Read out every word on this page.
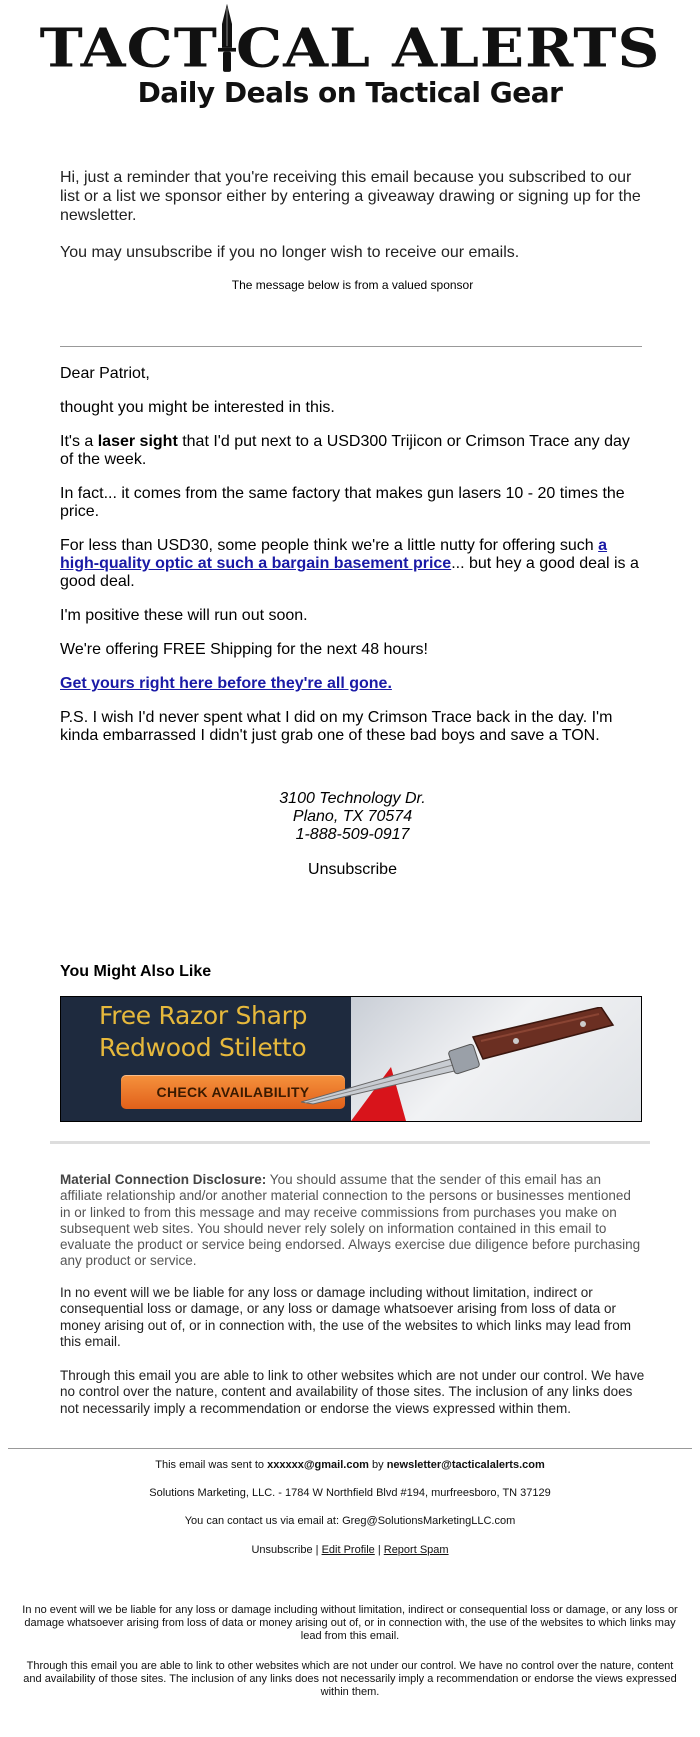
TACT CAL ALERTS
Daily Deals on Tactical Gear

Hi, just a reminder that you're receiving this email because you subscribed to our list or a list we sponsor either by entering a giveaway drawing or signing up for the newsletter.

You may unsubscribe if you no longer wish to receive our emails.

The message below is from a valued sponsor

Dear Patriot,

thought you might be interested in this.

It's a laser sight that I'd put next to a USD300 Trijicon or Crimson Trace any day of the week.

In fact... it comes from the same factory that makes gun lasers 10 - 20 times the price.

For less than USD30, some people think we're a little nutty for offering such a high-quality optic at such a bargain basement price... but hey a good deal is a good deal.

I'm positive these will run out soon.

We're offering FREE Shipping for the next 48 hours!

Get yours right here before they're all gone.

P.S. I wish I'd never spent what I did on my Crimson Trace back in the day. I'm kinda embarrassed I didn't just grab one of these bad boys and save a TON.

3100 Technology Dr.
Plano, TX 70574
1-888-509-0917
Unsubscribe
You Might Also Like
Free Razor Sharp
Redwood Stiletto
CHECK AVAILABILITY
Material Connection Disclosure: You should assume that the sender of this email has an affiliate relationship and/or another material connection to the persons or businesses mentioned in or linked to from this message and may receive commissions from purchases you make on subsequent web sites. You should never rely solely on information contained in this email to evaluate the product or service being endorsed. Always exercise due diligence before purchasing any product or service.
In no event will we be liable for any loss or damage including without limitation, indirect or consequential loss or damage, or any loss or damage whatsoever arising from loss of data or money arising out of, or in connection with, the use of the websites to which links may lead from this email.
Through this email you are able to link to other websites which are not under our control. We have no control over the nature, content and availability of those sites. The inclusion of any links does not necessarily imply a recommendation or endorse the views expressed within them.
This email was sent to xxxxxx@gmail.com by newsletter@tacticalalerts.com
Solutions Marketing, LLC. - 1784 W Northfield Blvd #194, murfreesboro, TN 37129
You can contact us via email at: Greg@SolutionsMarketingLLC.com
Unsubscribe | Edit Profile | Report Spam
In no event will we be liable for any loss or damage including without limitation, indirect or consequential loss or damage, or any loss or damage whatsoever arising from loss of data or money arising out of, or in connection with, the use of the websites to which links may lead from this email.
Through this email you are able to link to other websites which are not under our control. We have no control over the nature, content and availability of those sites. The inclusion of any links does not necessarily imply a recommendation or endorse the views expressed within them.
